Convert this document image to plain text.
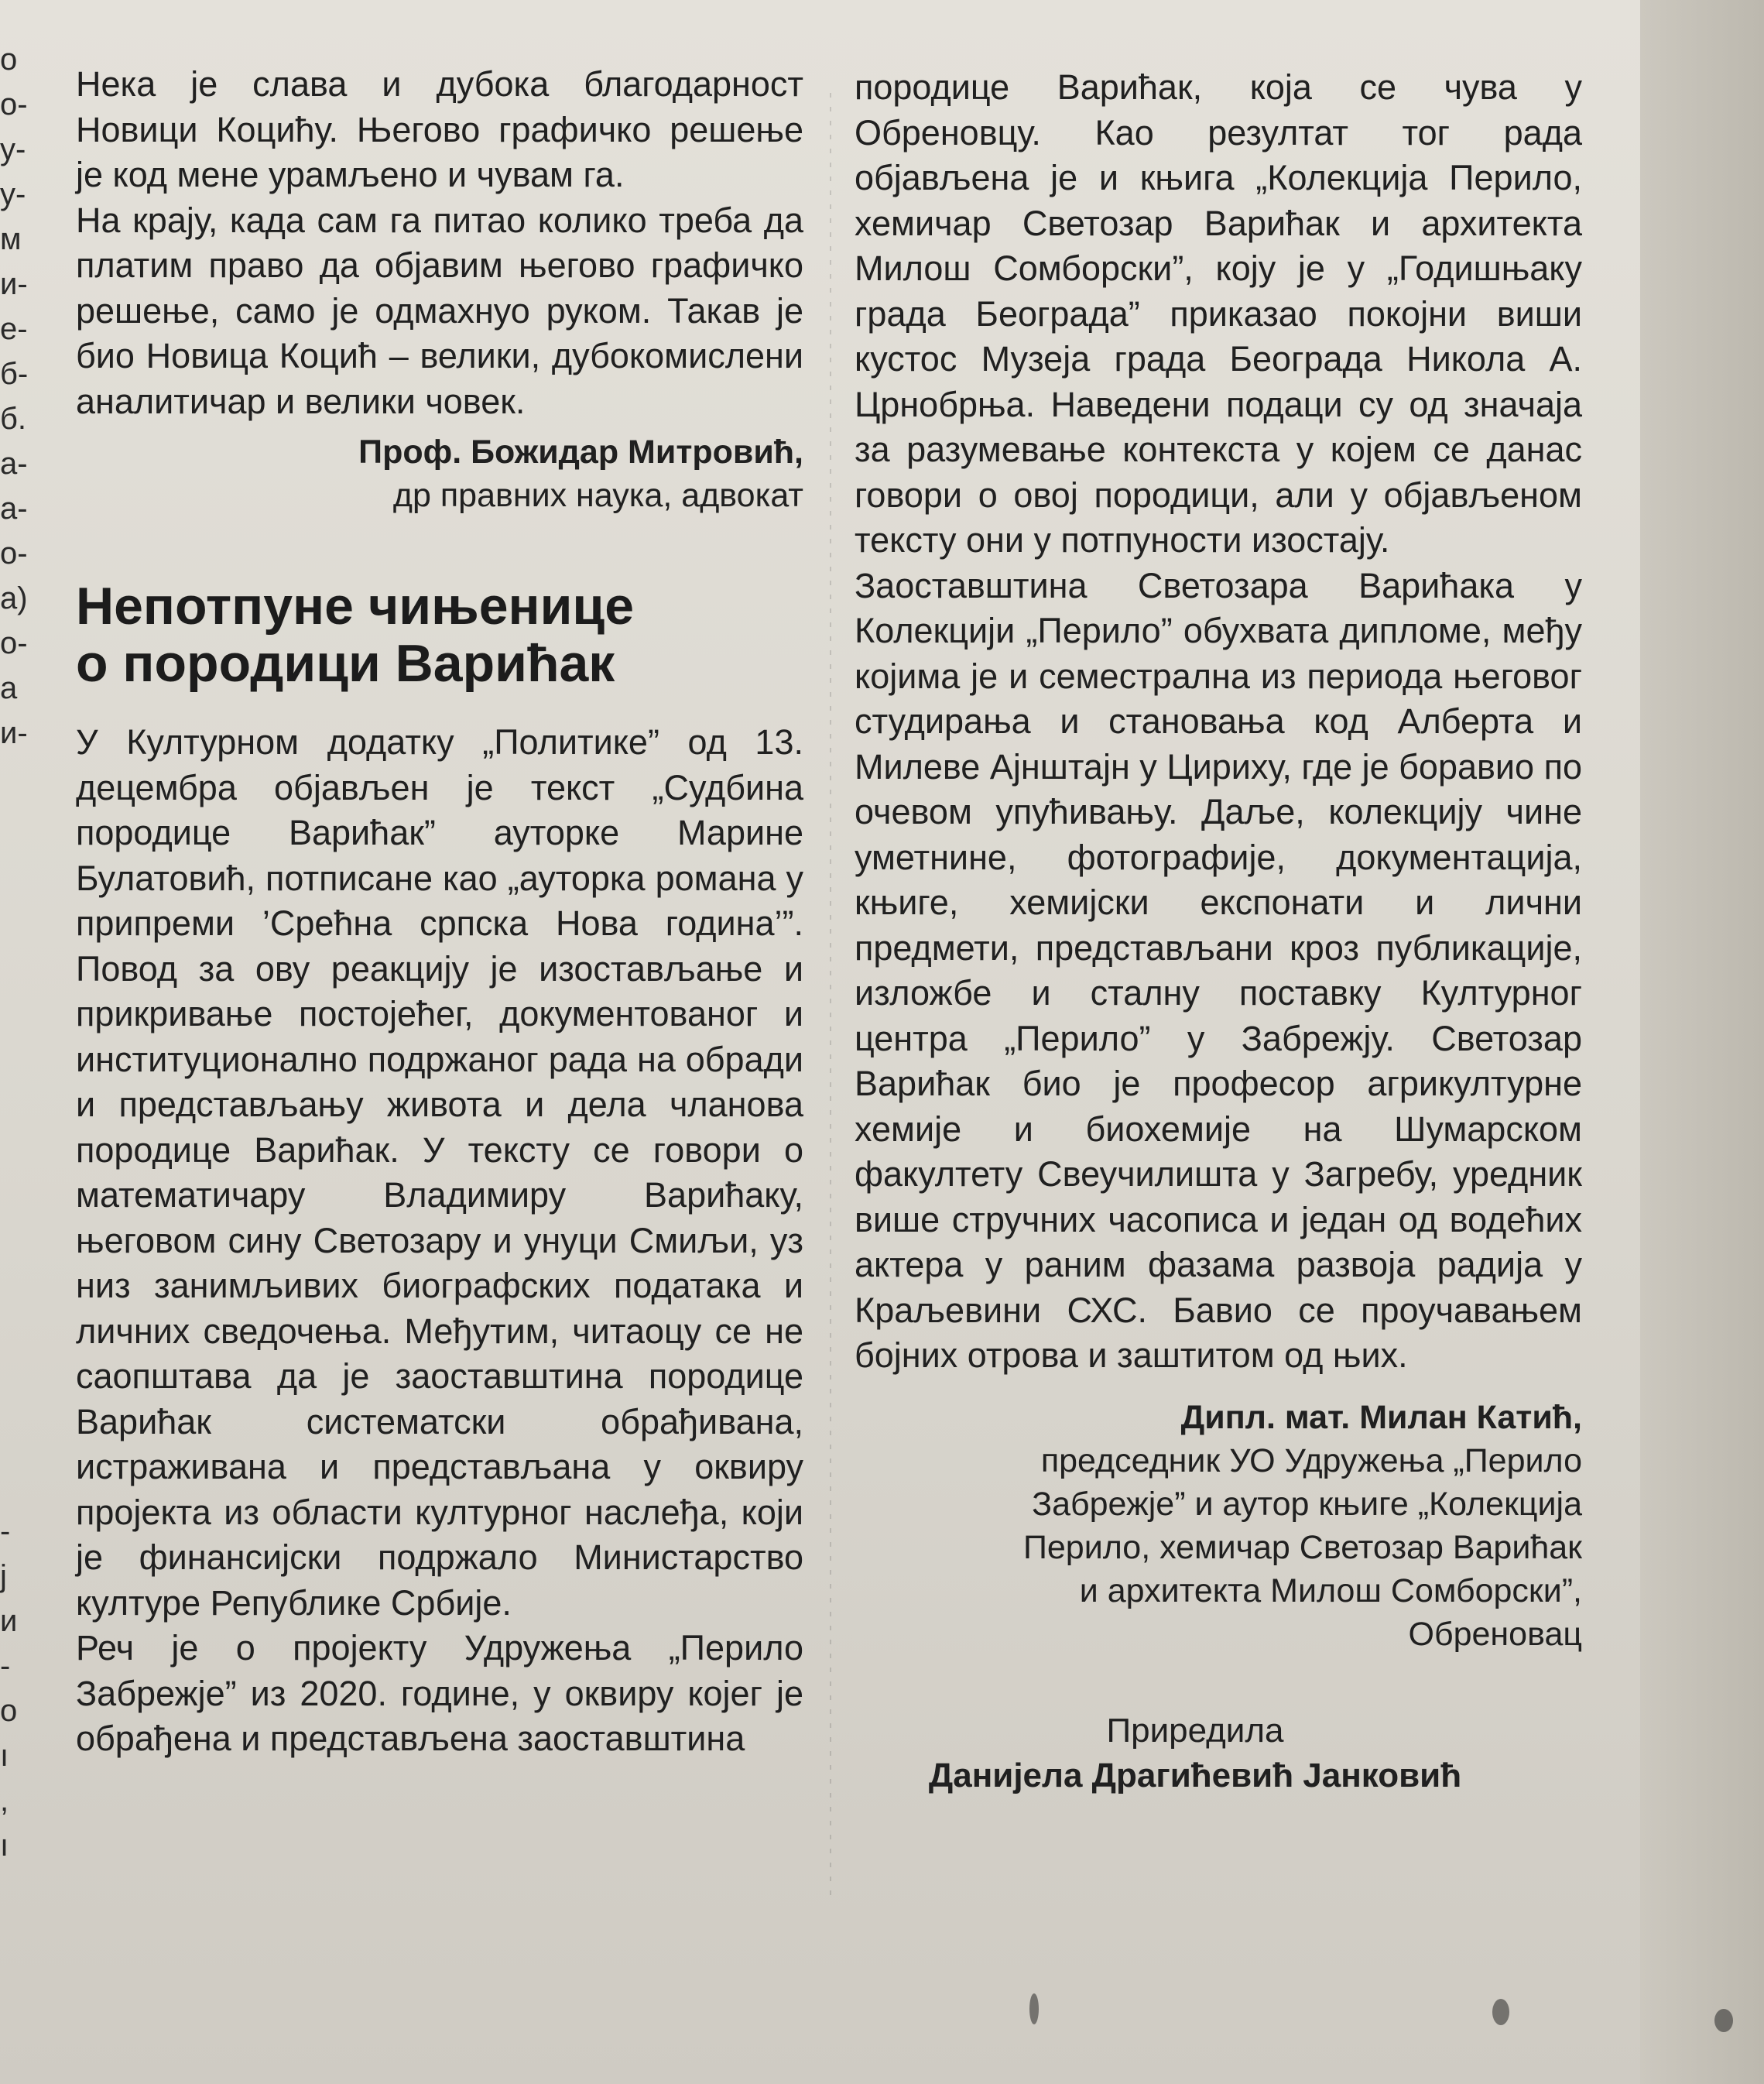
о
о-
у-
у-
м
и-
е-
б-
б.
а-
а-
о-
а)
о-
а
и-
-
ј
и
-
о
ı
,
ı

Нека је слава и дубока благодарност Новици Коцићу. Његово графичко решење је код мене урамљено и чувам га.

На крају, када сам га питао колико треба да платим право да објавим његово графичко решење, само је одмахнуо руком. Такав је био Новица Коцић – велики, дубокомислени аналитичар и велики човек.

Проф. Божидар Митровић,
др правних наука, адвокат
Непотпуне чињенице
о породици Варићак

У Културном додатку „Политике” од 13. децембра објављен је текст „Судбина породице Варићак” ауторке Марине Булатовић, потписане као „ауторка романа у припреми ’Срећна српска Нова година’”. Повод за ову реакцију је изостављање и прикривање постојећег, документованог и институционално подржаног рада на обради и представљању живота и дела чланова породице Варићак. У тексту се говори о математичару Владимиру Варићаку, његовом сину Светозару и унуци Смиљи, уз низ занимљивих биографских података и личних сведочења. Међутим, читаоцу се не саопштава да је заоставштина породице Варићак систематски обрађивана, истраживана и представљана у оквиру пројекта из области културног наслеђа, који је финансијски подржало Министарство културе Републике Србије.

Реч је о пројекту Удружења „Перило Забрежје” из 2020. године, у оквиру којег је обрађена и представљена заоставштина

породице Варићак, која се чува у Обреновцу. Као резултат тог рада објављена је и књига „Колекција Перило, хемичар Светозар Варићак и архитекта Милош Сомборски”, коју је у „Годишњаку града Београда” приказао покојни виши кустос Музеја града Београда Никола А. Црнобрња. Наведени подаци су од значаја за разумевање контекста у којем се данас говори о овој породици, али у објављеном тексту они у потпуности изостају.

Заоставштина Светозара Варићака у Колекцији „Перило” обухвата дипломе, међу којима је и семестрална из периода његовог студирања и становања код Алберта и Милеве Ајнштајн у Цириху, где је боравио по очевом упућивању. Даље, колекцију чине уметнине, фотографије, документација, књиге, хемијски експонати и лични предмети, представљани кроз публикације, изложбе и сталну поставку Културног центра „Перило” у Забрежју. Светозар Варићак био је професор агрикултурне хемије и биохемије на Шумарском факултету Свеучилишта у Загребу, уредник више стручних часописа и један од водећих актера у раним фазама развоја радија у Краљевини СХС. Бавио се проучавањем бојних отрова и заштитом од њих.

Дипл. мат. Милан Катић,
председник УО Удружења „Перило
Забрежје” и аутор књиге „Колекција
Перило, хемичар Светозар Варићак
и архитекта Милош Сомборски”,
Обреновац
Приредила
Данијела Драгићевић Јанковић
